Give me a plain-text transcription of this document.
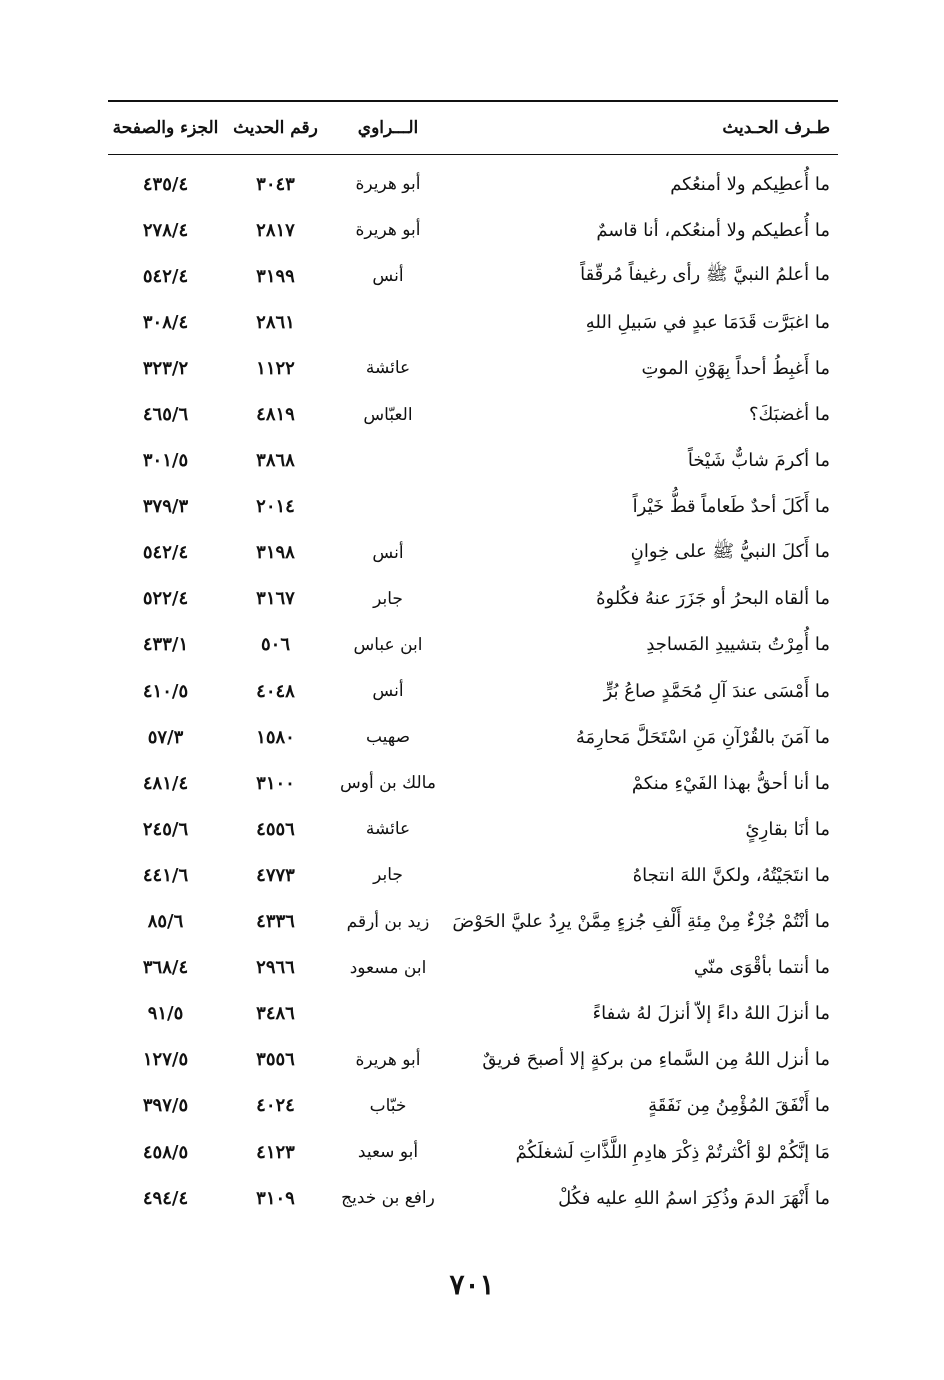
طـرف الحـديث
الـــراوي
رقم الحديث
الجزء والصفحة
ما أُعطِيكم ولا أمنعُكم
أبو هريرة
٣٠٤٣
٤٣٥/٤
ما أُعطيكم ولا أمنعُكم، أنا قاسمٌ
أبو هريرة
٢٨١٧
٢٧٨/٤
ما أعلمُ النبيَّ ﷺ رأى رغيفاً مُرقّقاً
أنس
٣١٩٩
٥٤٢/٤
ما اغبَرَّت قَدَمَا عبدٍ في سَبيلِ اللهِ
٢٨٦١
٣٠٨/٤
ما أَغبِطُ أحداً بِهَوْنِ الموتِ
عائشة
١١٢٢
٣٢٣/٢
ما أغضبَكَ؟
العبّاس
٤٨١٩
٤٦٥/٦
ما أكرمَ شابٌّ شَيْخاً
٣٨٦٨
٣٠١/٥
ما أَكَلَ أحدٌ طَعاماً قطُّ خَيْراً
٢٠١٤
٣٧٩/٣
ما أَكلَ النبيُّ ﷺ على خِوانٍ
أنس
٣١٩٨
٥٤٢/٤
ما ألقاه البحرُ أو جَزَرَ عنهُ فكُلوهُ
جابر
٣١٦٧
٥٢٢/٤
ما أُمِرْتُ بتشييدِ المَساجدِ
ابن عباس
٥٠٦
٤٣٣/١
ما أَمْسَى عندَ آلِ مُحَمَّدٍ صاعُ بُرٍّ
أنس
٤٠٤٨
٤١٠/٥
ما آمَنَ بالقُرْآنِ مَنِ اسْتَحَلَّ مَحارِمَهُ
صهيب
١٥٨٠
٥٧/٣
ما أنا أحقُّ بهذا الفَيْءِ منكمْ
مالك بن أوس
٣١٠٠
٤٨١/٤
ما أنَا بقارِئٍ
عائشة
٤٥٥٦
٢٤٥/٦
ما انتَجَيْتُهُ، ولكنَّ اللهَ انتجاهُ
جابر
٤٧٧٣
٤٤١/٦
ما أنْتُمْ جُزْءٌ مِنْ مِئةِ أَلْفِ جُزءٍ مِمَّنْ يرِدُ عليَّ الحَوْضَ
زيد بن أرقم
٤٣٣٦
٨٥/٦
ما أنتما بأقْوَى منّي
ابن مسعود
٢٩٦٦
٣٦٨/٤
ما أنزلَ اللهُ داءً إلاّ أنزلَ لهُ شفاءً
٣٤٨٦
٩١/٥
ما أنزل اللهُ مِن السَّماءِ من بركةٍ إلا أصبحَ فريقٌ
أبو هريرة
٣٥٥٦
١٢٧/٥
ما أَنْفَقَ المُؤْمِنُ مِن نَفَقَةٍ
خبّاب
٤٠٢٤
٣٩٧/٥
مَا إنَّكُمْ لوْ أكْثرتُمْ ذِكْرَ هادِمِ اللَّذَّاتِ لَشغلَكُمْ
أبو سعيد
٤١٢٣
٤٥٨/٥
ما أَنْهَرَ الدمَ وذُكِرَ اسمُ اللهِ عليه فكُلْ
رافع بن خديج
٣١٠٩
٤٩٤/٤
٧٠١
